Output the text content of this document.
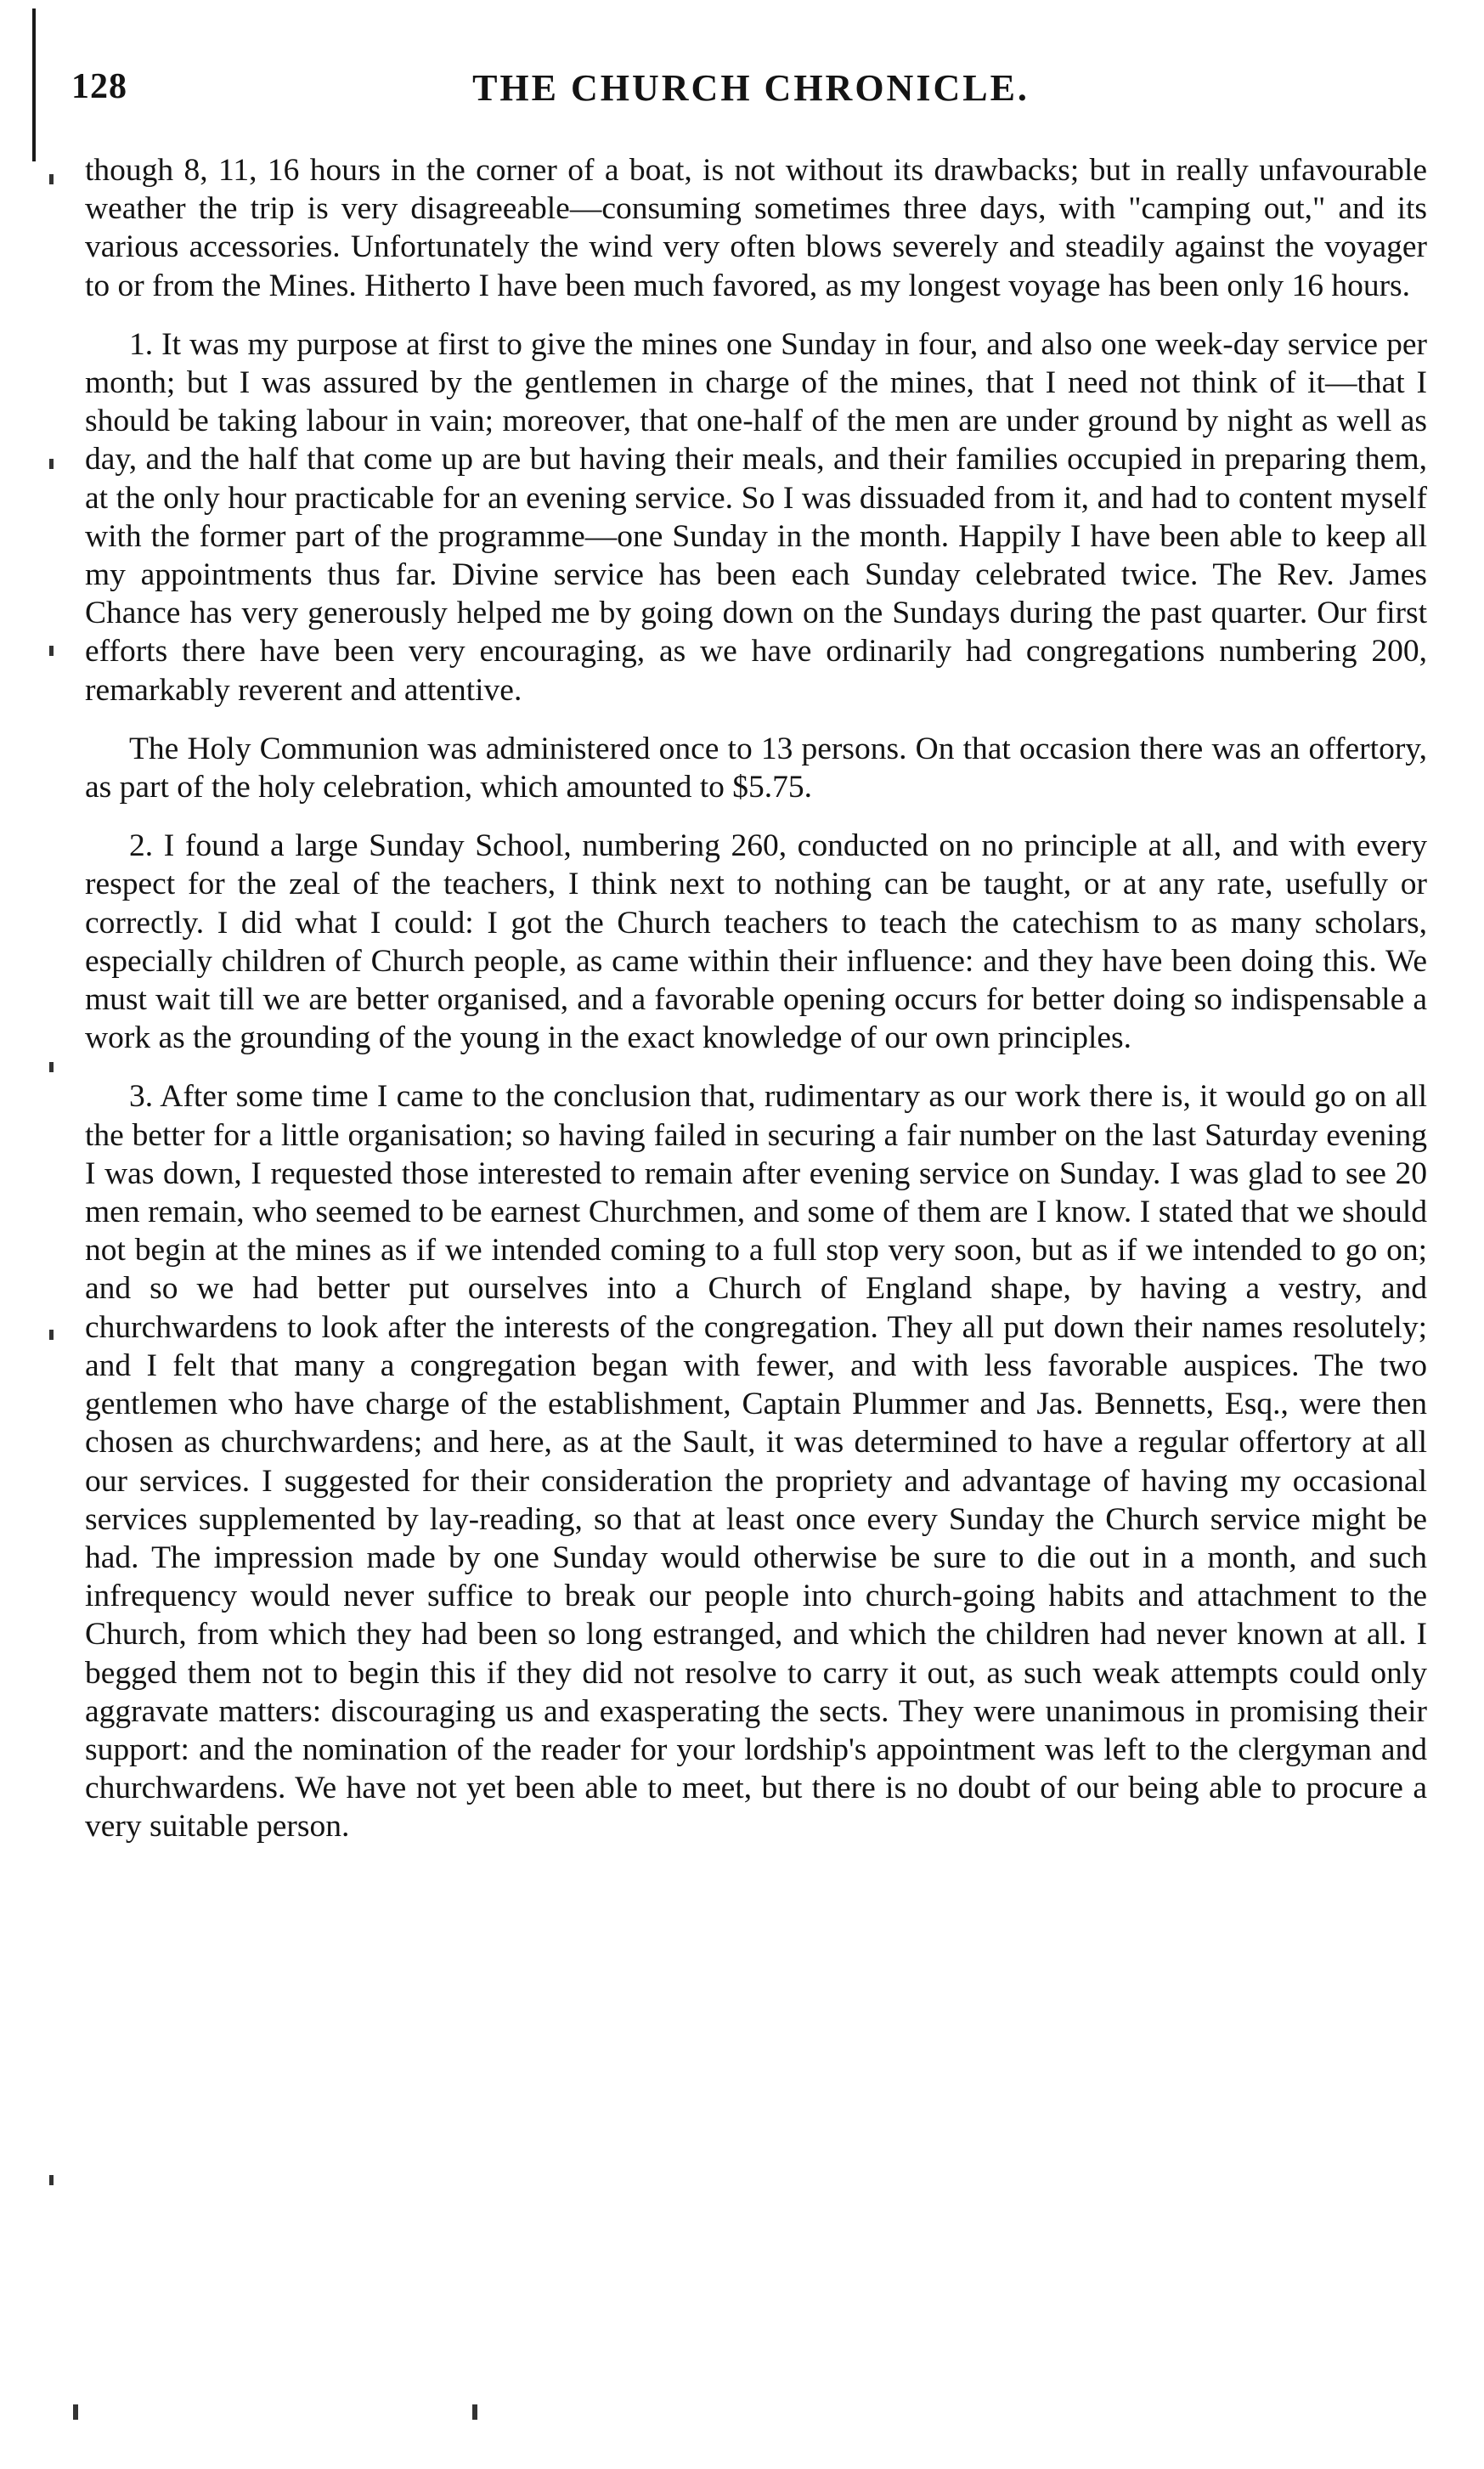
128	THE CHURCH CHRONICLE.

though 8, 11, 16 hours in the corner of a boat, is not without its drawbacks; but in really unfavourable weather the trip is very disagreeable—consuming sometimes three days, with "camping out," and its various accessories. Unfortunately the wind very often blows severely and steadily against the voyager to or from the Mines. Hitherto I have been much favored, as my longest voyage has been only 16 hours.

1. It was my purpose at first to give the mines one Sunday in four, and also one week-day service per month; but I was assured by the gentlemen in charge of the mines, that I need not think of it—that I should be taking labour in vain; moreover, that one-half of the men are under ground by night as well as day, and the half that come up are but having their meals, and their families occupied in preparing them, at the only hour practicable for an evening service. So I was dissuaded from it, and had to content myself with the former part of the programme—one Sunday in the month. Happily I have been able to keep all my appointments thus far. Divine service has been each Sunday celebrated twice. The Rev. James Chance has very generously helped me by going down on the Sundays during the past quarter. Our first efforts there have been very encouraging, as we have ordinarily had congregations numbering 200, remarkably reverent and attentive.

The Holy Communion was administered once to 13 persons. On that occasion there was an offertory, as part of the holy celebration, which amounted to $5.75.

2. I found a large Sunday School, numbering 260, conducted on no principle at all, and with every respect for the zeal of the teachers, I think next to nothing can be taught, or at any rate, usefully or correctly. I did what I could: I got the Church teachers to teach the catechism to as many scholars, especially children of Church people, as came within their influence: and they have been doing this. We must wait till we are better organised, and a favorable opening occurs for better doing so indispensable a work as the grounding of the young in the exact knowledge of our own principles.

3. After some time I came to the conclusion that, rudimentary as our work there is, it would go on all the better for a little organisation; so having failed in securing a fair number on the last Saturday evening I was down, I requested those interested to remain after evening service on Sunday. I was glad to see 20 men remain, who seemed to be earnest Churchmen, and some of them are I know. I stated that we should not begin at the mines as if we intended coming to a full stop very soon, but as if we intended to go on; and so we had better put ourselves into a Church of England shape, by having a vestry, and churchwardens to look after the interests of the congregation. They all put down their names resolutely; and I felt that many a congregation began with fewer, and with less favorable auspices. The two gentlemen who have charge of the establishment, Captain Plummer and Jas. Bennetts, Esq., were then chosen as churchwardens; and here, as at the Sault, it was determined to have a regular offertory at all our services. I suggested for their consideration the propriety and advantage of having my occasional services supplemented by lay-reading, so that at least once every Sunday the Church service might be had. The impression made by one Sunday would otherwise be sure to die out in a month, and such infrequency would never suffice to break our people into church-going habits and attachment to the Church, from which they had been so long estranged, and which the children had never known at all. I begged them not to begin this if they did not resolve to carry it out, as such weak attempts could only aggravate matters: discouraging us and exasperating the sects. They were unanimous in promising their support: and the nomination of the reader for your lordship's appointment was left to the clergyman and churchwardens. We have not yet been able to meet, but there is no doubt of our being able to procure a very suitable person.
